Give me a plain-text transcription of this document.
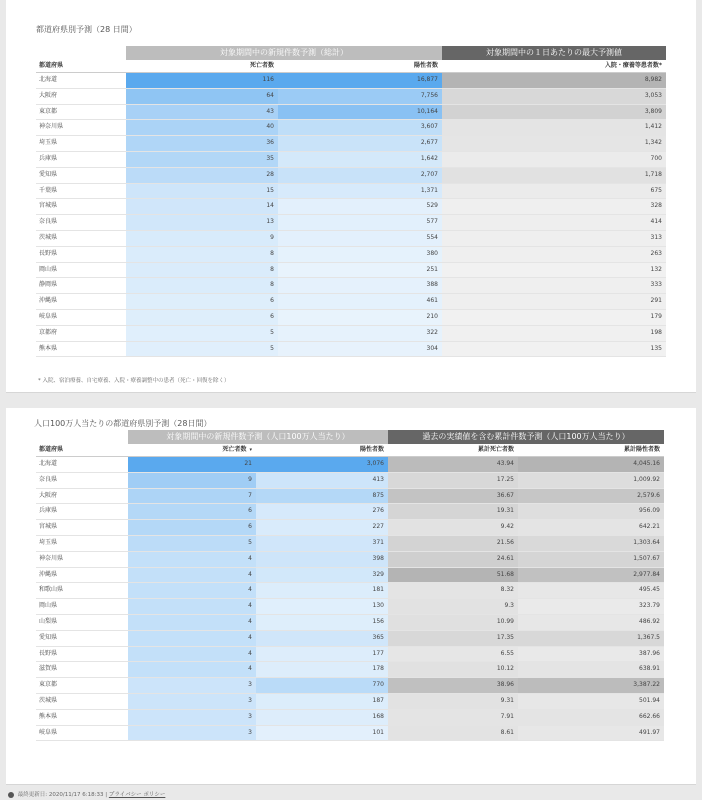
都道府県別予測（28 日間）
対象期間中の新規件数予測（総計）	対象期間中の１日あたりの最大予測値
都道府県	死亡者数	陽性者数	入院・療養等患者数*
北海道	116	16,877	8,982
大阪府	64	7,756	3,053
東京都	43	10,164	3,809
神奈川県	40	3,607	1,412
埼玉県	36	2,677	1,342
兵庫県	35	1,642	700
愛知県	28	2,707	1,718
千葉県	15	1,371	675
宮城県	14	529	328
奈良県	13	577	414
茨城県	9	554	313
長野県	8	380	263
岡山県	8	251	132
静岡県	8	388	333
沖縄県	6	461	291
岐阜県	6	210	179
京都府	5	322	198
熊本県	5	304	135
* 入院、宿泊療養、自宅療養、入院・療養調整中の患者（死亡・回復を除く）
人口100万人当たりの都道府県別予測（28日間）
対象期間中の新規件数予測（人口100万人当たり）	過去の実績値を含む累計件数予測（人口100万人当たり）
都道府県	死亡者数 ▾	陽性者数	累計死亡者数	累計陽性者数
北海道	21	3,076	43.94	4,045.16
奈良県	9	413	17.25	1,009.92
大阪府	7	875	36.67	2,579.6
兵庫県	6	276	19.31	956.09
宮城県	6	227	9.42	642.21
埼玉県	5	371	21.56	1,303.64
神奈川県	4	398	24.61	1,507.67
沖縄県	4	329	51.68	2,977.84
和歌山県	4	181	8.32	495.45
岡山県	4	130	9.3	323.79
山梨県	4	156	10.99	486.92
愛知県	4	365	17.35	1,367.5
長野県	4	177	6.55	387.96
滋賀県	4	178	10.12	638.91
東京都	3	770	38.96	3,387.22
茨城県	3	187	9.31	501.94
熊本県	3	168	7.91	662.66
岐阜県	3	101	8.61	491.97
最終更新日: 2020/11/17 6:18:33 | プライバシー ポリシー
